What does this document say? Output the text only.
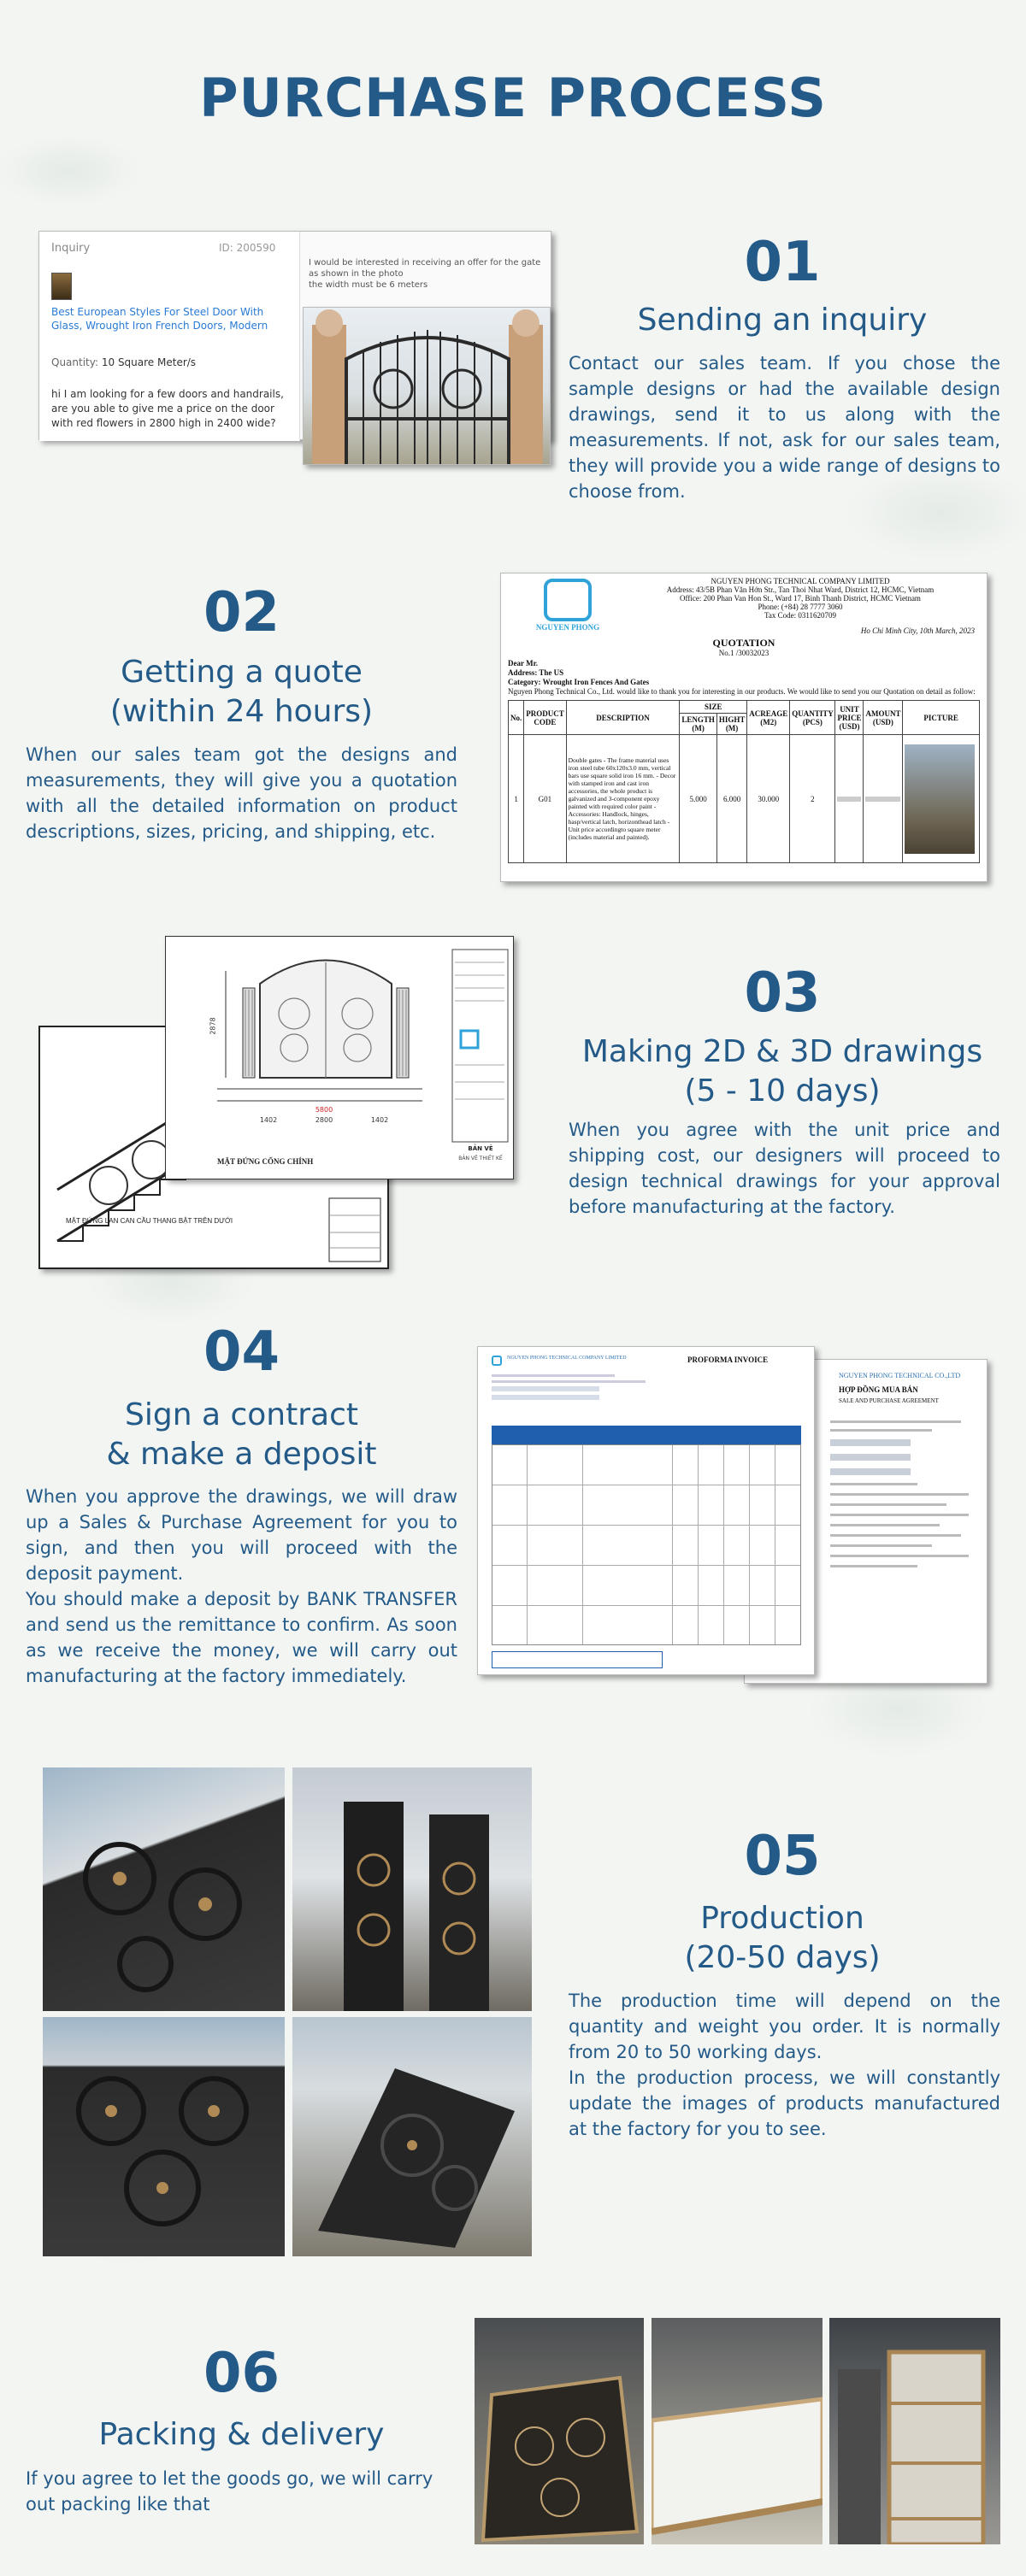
PURCHASE PROCESS
Inquiry	ID: 200590
Best European Styles For Steel Door With Glass, Wrought Iron French Doors, Modern
Quantity: 10 Square Meter/s
hi I am looking for a few doors and handrails, are you able to give me a price on the door with red flowers in 2800 high in 2400 wide?
I would be interested in receiving an offer for the gate as shown in the photo
the width must be 6 meters	01
Sending an inquiry
Contact our sales team. If you chose the sample designs or had the available design drawings, send it to us along with the measurements. If not, ask for our sales team, they will provide you a wide range of designs to choose from.
02
Getting a quote
(within 24 hours)
When our sales team got the designs and measurements, they will give you a quotation with all the detailed information on product descriptions, sizes, pricing, and shipping, etc.
NGUYEN PHONG
NGUYEN PHONG TECHNICAL COMPANY LIMITED
Address: 43/5B Phan Văn Hớn Str., Tan Thoi Nhat Ward, District 12, HCMC, Vietnam
Office: 200 Phan Van Hon St., Ward 17, Binh Thanh District, HCMC Vietnam
Phone: (+84) 28 7777 3060
Tax Code: 0311620709
Ho Chi Minh City, 10th March, 2023
QUOTATION
No.1 /30032023
Dear Mr.
Address: The US
Category: Wrought Iron Fences And Gates
Nguyen Phong Technical Co., Ltd. would like to thank you for interesting in our products. We would like to send you our Quotation on detail as follow:
No.	PRODUCT CODE	DESCRIPTION	SIZE		ACREAGE (M2)	QUANTITY (PCS)	UNIT PRICE (USD)	AMOUNT (USD)	PICTURE
			LENGTH (M)	HIGHT (M)					
1	G01	Double gates - The frame material uses iron steel tube 60x120x3.0 mm, vertical bars use square solid iron 16 mm. - Decor with stamped iron and cast iron accessories, the whole product is galvanized and 3-component epoxy painted with required color paint - Accessories: Handlock, hinges, hasp/vertical latch, horizonthead latch - Unit price accordingto square meter (includes material and painted).	5.000	6.000	30.000	2	

MẶT ĐỨNG LAN CAN CẦU THANG BẬT TRÊN DƯỚI
5800
1402	2800	1402
2878
MẶT ĐỨNG CỔNG CHÍNH
BẢN VẼ
BẢN VẼ THIẾT KẾ
03
Making 2D & 3D drawings
(5 - 10 days)
When you agree with the unit price and shipping cost, our designers will proceed to design technical drawings for your approval before manufacturing at the factory.
04
Sign a contract
& make a deposit
When you approve the drawings, we will draw up a Sales & Purchase Agreement for you to sign, and then you will proceed with the deposit payment.
You should make a deposit by BANK TRANSFER and send us the remittance to confirm. As soon as we receive the money, we will carry out manufacturing at the factory immediately.
NGUYEN PHONG TECHNICAL CO.,LTD
HỢP ĐỒNG MUA BÁN
SALE AND PURCHASE AGREEMENT
NGUYEN PHONG TECHNICAL COMPANY LIMITED	PROFORMA INVOICE
05
Production
(20-50 days)
The production time will depend on the quantity and weight you order. It is normally from 20 to 50 working days.
In the production process, we will constantly update the images of products manufactured at the factory for you to see.
06
Packing & delivery
If you agree to let the goods go, we will carry out packing like that
